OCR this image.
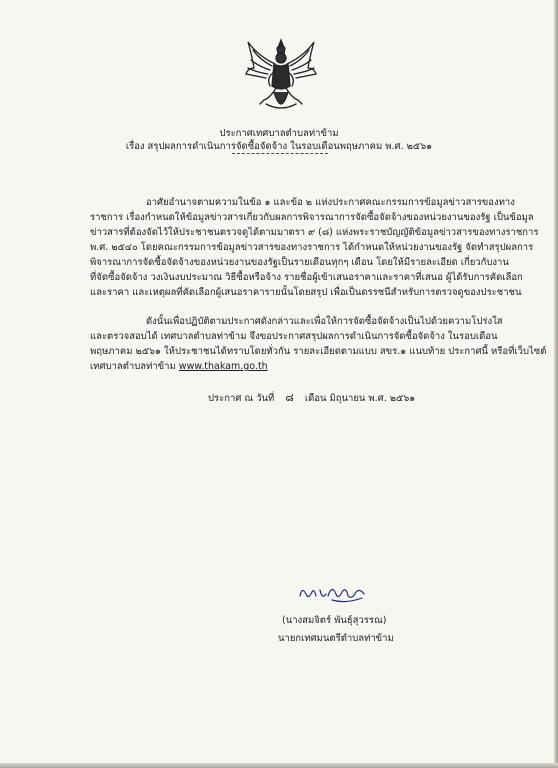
ประกาศเทศบาลตำบลท่าข้าม
เรื่อง สรุปผลการดำเนินการจัดซื้อจัดจ้าง ในรอบเดือนพฤษภาคม พ.ศ. ๒๕๖๑
อาศัยอำนาจตามความในข้อ ๑ และข้อ ๒ แห่งประกาศคณะกรรมการข้อมูลข่าวสารของทาง
ราชการ เรื่องกำหนดให้ข้อมูลข่าวสารเกี่ยวกับผลการพิจารณาการจัดซื้อจัดจ้างของหน่วยงานของรัฐ เป็นข้อมูล
ข่าวสารที่ต้องจัดไว้ให้ประชาชนตรวจดูได้ตามมาตรา ๙ (๘) แห่งพระราชบัญญัติข้อมูลข่าวสารของทางราชการ
พ.ศ. ๒๕๔๐ โดยคณะกรรมการข้อมูลข่าวสารของทางราชการ ได้กำหนดให้หน่วยงานของรัฐ จัดทำสรุปผลการ
พิจารณาการจัดซื้อจัดจ้างของหน่วยงานของรัฐเป็นรายเดือนทุกๆ เดือน โดยให้มีรายละเอียด เกี่ยวกับงาน
ที่จัดซื้อจัดจ้าง วงเงินงบประมาณ วิธีซื้อหรือจ้าง รายชื่อผู้เข้าเสนอราคาและราคาที่เสนอ ผู้ได้รับการคัดเลือก
และราคา และเหตุผลที่คัดเลือกผู้เสนอราคารายนั้นโดยสรุป เพื่อเป็นดรรชนีสำหรับการตรวจดูของประชาชน
ดังนั้นเพื่อปฏิบัติตามประกาศดังกล่าวและเพื่อให้การจัดซื้อจัดจ้างเป็นไปด้วยความโปร่งใส
และตรวจสอบได้ เทศบาลตำบลท่าข้าม จึงขอประกาศสรุปผลการดำเนินการจัดซื้อจัดจ้าง ในรอบเดือน
พฤษภาคม ๒๕๖๑ ให้ประชาชนได้ทราบโดยทั่วกัน รายละเอียดตามแบบ สขร.๑ แนบท้าย ประกาศนี้ หรือที่เว็บไซต์
เทศบาลตำบลท่าข้าม www.thakam.go.th
ประกาศ ณ วันที่ ๘ เดือน มิถุนายน พ.ศ. ๒๕๖๑
(นางสมจิตร์ พันธุ์สุวรรณ)
นายกเทศมนตรีตำบลท่าข้าม
